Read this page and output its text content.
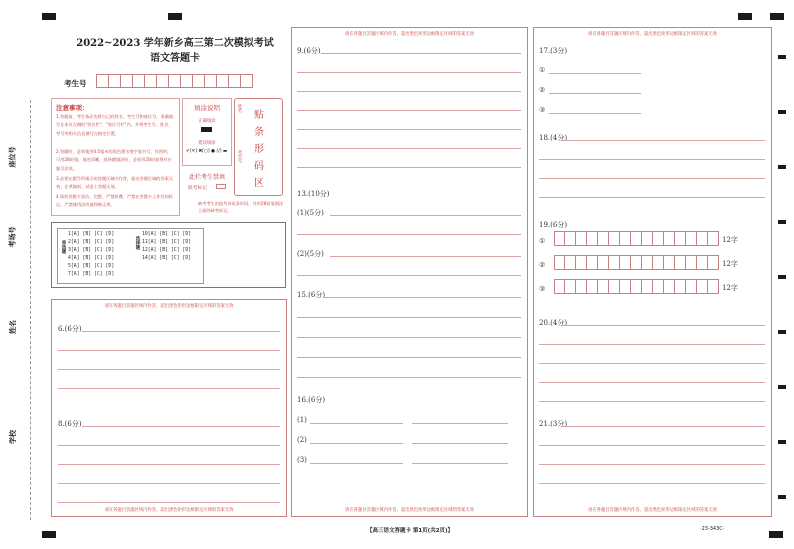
座位号
考场号
姓名
学校
2022~2023 学年新乡高三第二次模拟考试
语文答题卡
考生号
注意事项：
1.答题前，考生务必先将自己的姓名、考生号和座位号，准确填写在本页左侧的"姓名栏"、"座位号栏"内，并将考生号、姓名、考号等相关信息填写在指定位置。
2.答题时，必须使用0.5毫米的黑色墨水签字笔书写，作图时，可用2B铅笔，笔迹清晰，选择题填涂时，必须用2B铅笔将对应题号涂黑。
3.必须在题号所指示的答题区域内作答，超出答题区域的答案无效；在草稿纸、试卷上答题无效。
4.保持答题卡清洁、完整，严禁折叠，严禁在答题卡上作任何标记，严禁使用涂改液和修正带。
填涂说明
正确填涂
错误填涂
✔[✕] ✖[○] ● [/] ▬
此栏考生禁填
缺考标记
姓名
考生号
贴
条
形
码
区
缺考考生由监考员贴条形码，并用2B铅笔填涂上面的缺考标记。
单选题
1[A] [B] [C] [D]
2[A] [B] [C] [D]
3[A] [B] [C] [D]
4[A] [B] [C] [D]
5[A] [B] [C] [D]
7[A] [B] [C] [D]
选择题
10[A] [B] [C] [D]
11[A] [B] [C] [D]
12[A] [B] [C] [D]
14[A] [B] [C] [D]
请在各题目答题区域内作答，超出黑色矩形边框限定区域的答案无效
请在各题目答题区域内作答，超出黑色矩形边框限定区域的答案无效
6.(6分)
8.(6分)
请在各题目答题区域内作答，超出黑色矩形边框限定区域的答案无效
请在各题目答题区域内作答，超出黑色矩形边框限定区域的答案无效
9.(6分)
13.(10分)
(1)(5分)
(2)(5分)
15.(6分)
16.(6分)
(1)
(2)
(3)
请在各题目答题区域内作答，超出黑色矩形边框限定区域的答案无效
请在各题目答题区域内作答，超出黑色矩形边框限定区域的答案无效
17.(3分)
①
②
③
18.(4分)
19.(6分)
①	12字
②	12字
③	12字
20.(4分)
21.(3分)
【高三语文答题卡 第1页(共2页)】	·23-343C·
